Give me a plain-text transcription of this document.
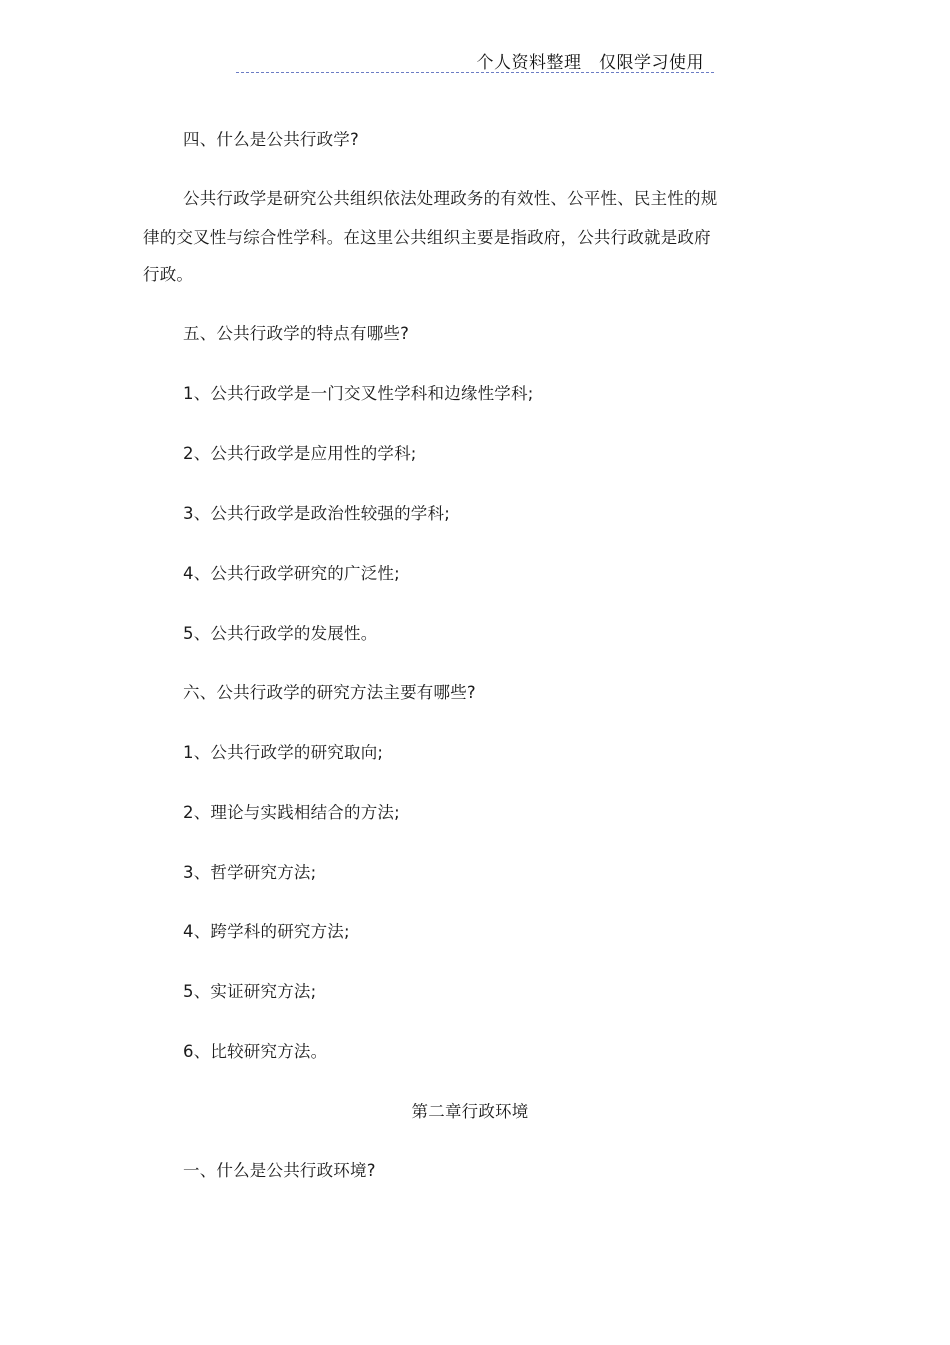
个人资料整理　仅限学习使用
四、什么是公共行政学?
公共行政学是研究公共组织依法处理政务的有效性、公平性、民主性的规
律的交叉性与综合性学科。在这里公共组织主要是指政府，公共行政就是政府
行政。
五、公共行政学的特点有哪些?
1、公共行政学是一门交叉性学科和边缘性学科;
2、公共行政学是应用性的学科;
3、公共行政学是政治性较强的学科;
4、公共行政学研究的广泛性;
5、公共行政学的发展性。
六、公共行政学的研究方法主要有哪些?
1、公共行政学的研究取向;
2、理论与实践相结合的方法;
3、哲学研究方法;
4、跨学科的研究方法;
5、实证研究方法;
6、比较研究方法。
第二章行政环境
一、什么是公共行政环境?
